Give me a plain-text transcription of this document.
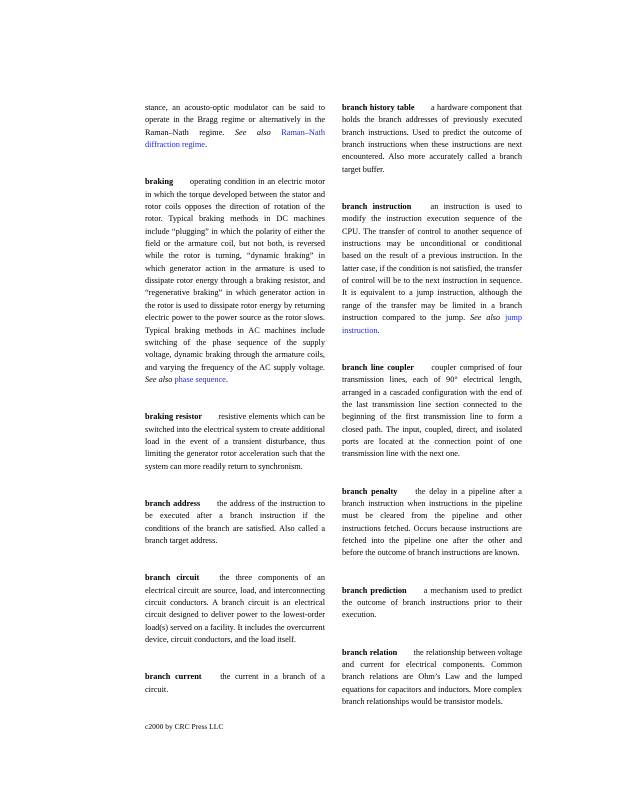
stance, an acousto-optic modulator can be said to operate in the Bragg regime or alternatively in the Raman–Nath regime. See also Raman–Nath diffraction regime.
braking operating condition in an electric motor in which the torque developed between the stator and rotor coils opposes the direction of rotation of the rotor. Typical braking methods in DC machines include “plugging” in which the polarity of either the field or the armature coil, but not both, is reversed while the rotor is turning, “dynamic braking” in which generator action in the armature is used to dissipate rotor energy through a braking resistor, and “regenerative braking” in which generator action in the rotor is used to dissipate rotor energy by returning electric power to the power source as the rotor slows. Typical braking methods in AC machines include switching of the phase sequence of the supply voltage, dynamic braking through the armature coils, and varying the frequency of the AC supply voltage. See also phase sequence.
braking resistor resistive elements which can be switched into the electrical system to create additional load in the event of a transient disturbance, thus limiting the generator rotor acceleration such that the system can more readily return to synchronism.
branch address the address of the instruction to be executed after a branch instruction if the conditions of the branch are satisfied. Also called a branch target address.
branch circuit the three components of an electrical circuit are source, load, and interconnecting circuit conductors. A branch circuit is an electrical circuit designed to deliver power to the lowest-order load(s) served on a facility. It includes the overcurrent device, circuit conductors, and the load itself.
branch current the current in a branch of a circuit.
branch history table a hardware component that holds the branch addresses of previously executed branch instructions. Used to predict the outcome of branch instructions when these instructions are next encountered. Also more accurately called a branch target buffer.
branch instruction an instruction is used to modify the instruction execution sequence of the CPU. The transfer of control to another sequence of instructions may be unconditional or conditional based on the result of a previous instruction. In the latter case, if the condition is not satisfied, the transfer of control will be to the next instruction in sequence. It is equivalent to a jump instruction, although the range of the transfer may be limited in a branch instruction compared to the jump. See also jump instruction.
branch line coupler coupler comprised of four transmission lines, each of 90° electrical length, arranged in a cascaded configuration with the end of the last transmission line section connected to the beginning of the first transmission line to form a closed path. The input, coupled, direct, and isolated ports are located at the connection point of one transmission line with the next one.
branch penalty the delay in a pipeline after a branch instruction when instructions in the pipeline must be cleared from the pipeline and other instructions fetched. Occurs because instructions are fetched into the pipeline one after the other and before the outcome of branch instructions are known.
branch prediction a mechanism used to predict the outcome of branch instructions prior to their execution.
branch relation the relationship between voltage and current for electrical components. Common branch relations are Ohm’s Law and the lumped equations for capacitors and inductors. More complex branch relationships would be transistor models.
c2000 by CRC Press LLC
